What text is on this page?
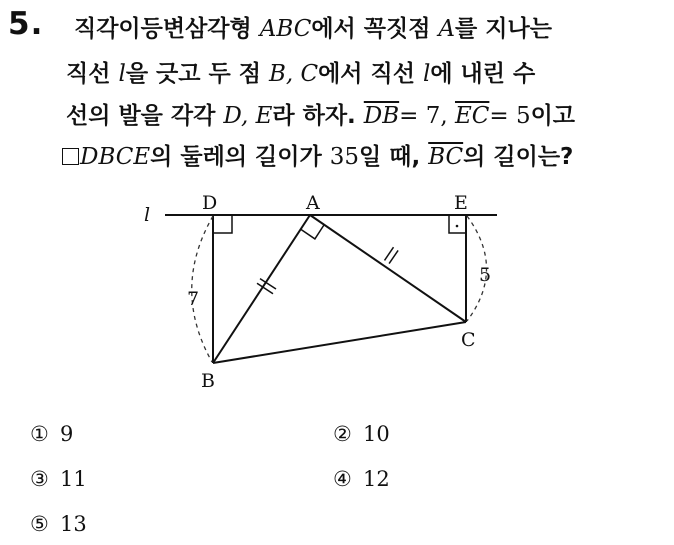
5. 직각이등변삼각형 ABC에서 꼭짓점 A를 지나는
직선 l을 긋고 두 점 B, C에서 직선 l에 내린 수
선의 발을 각각 D, E라 하자. $\overline{DB}= 7$, $\overline{EC}= 5$이고
DBCE의 둘레의 길이가 35일 때, $\overline{BC}$의 길이는?
l
D	A	E
B
C
7
5
① 9	② 10
③ 11	④ 12
⑤ 13
